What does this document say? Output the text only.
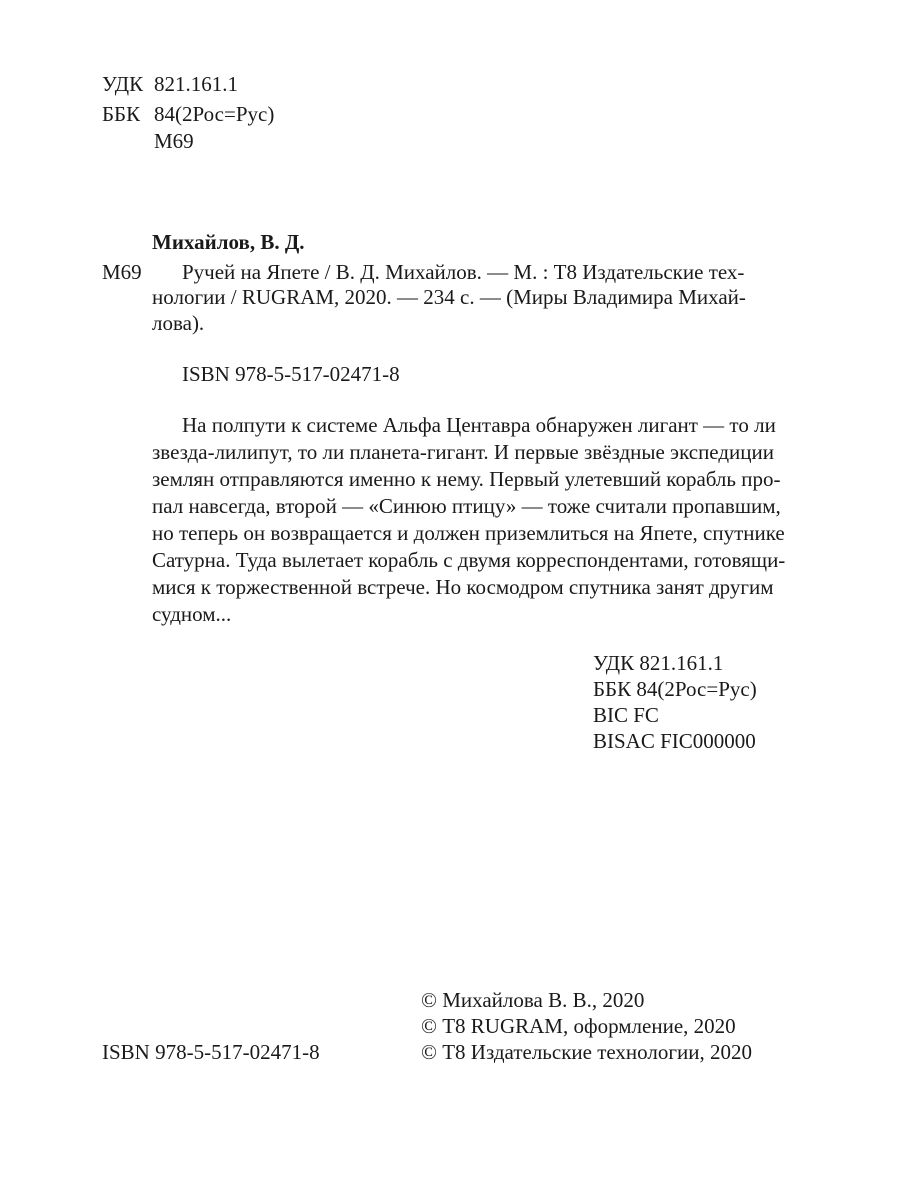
УДК 821.161.1
ББК 84(2Рос=Рус)
М69
Михайлов, В. Д.
М69 Ручей на Япете / В. Д. Михайлов. — М. : Т8 Издательские тех-
нологии / RUGRAM, 2020. — 234 с. — (Миры Владимира Михай-
лова).
ISBN 978-5-517-02471-8
На полпути к системе Альфа Центавра обнаружен лигант — то ли
звезда-лилипут, то ли планета-гигант. И первые звёздные экспедиции
землян отправляются именно к нему. Первый улетевший корабль про-
пал навсегда, второй — «Синюю птицу» — тоже считали пропавшим,
но теперь он возвращается и должен приземлиться на Япете, спутнике
Сатурна. Туда вылетает корабль с двумя корреспондентами, готовящи-
мися к торжественной встрече. Но космодром спутника занят другим
судном...
УДК 821.161.1
ББК 84(2Рос=Рус)
BIC FC
BISAC FIC000000
© Михайлова В. В., 2020
© Т8 RUGRAM, оформление, 2020
ISBN 978-5-517-02471-8	© Т8 Издательские технологии, 2020
